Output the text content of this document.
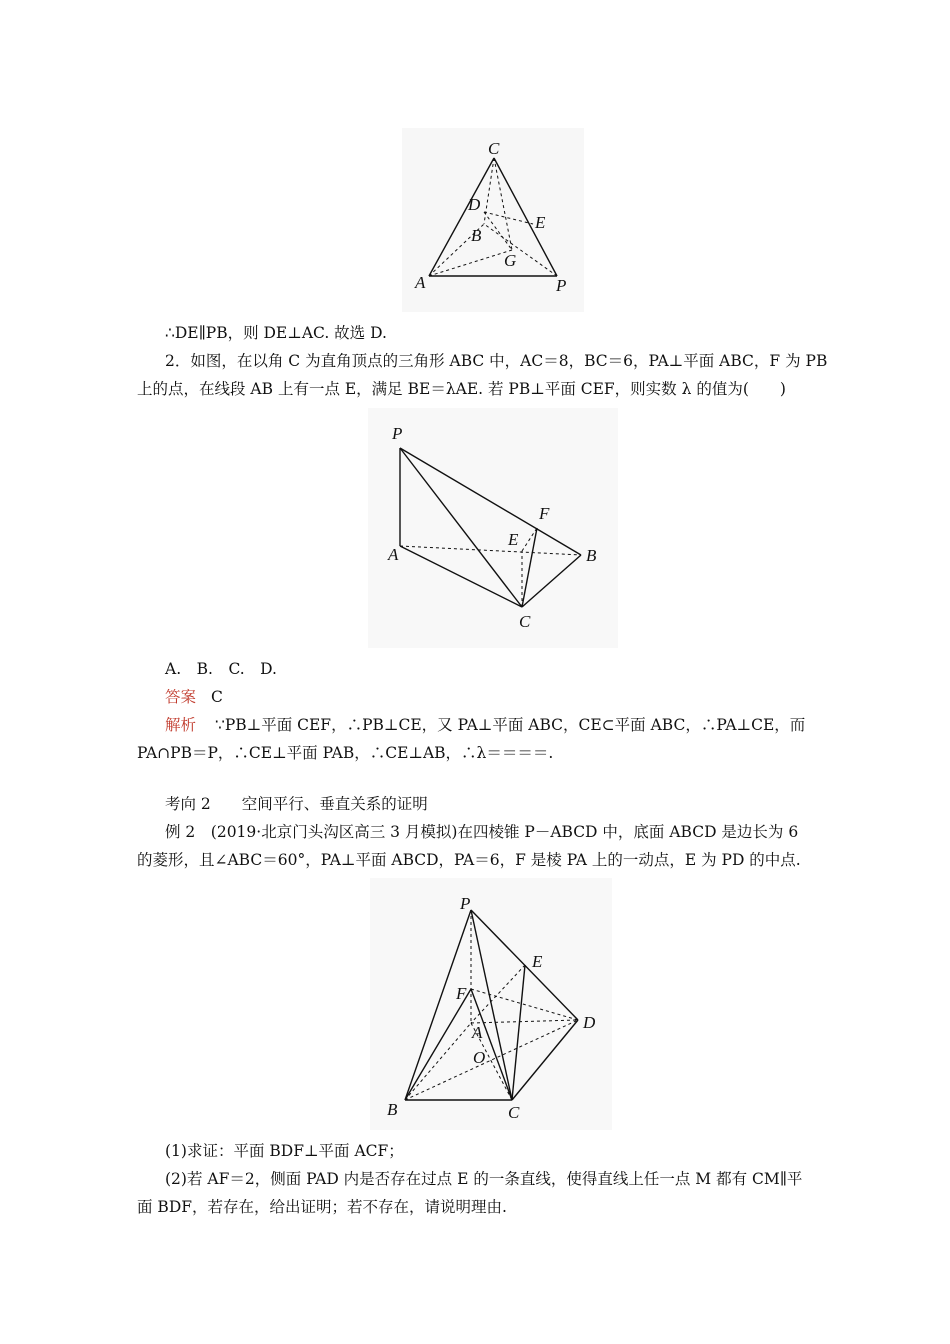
C
D
E
B
G
A	P
∴DE∥PB，则 DE⊥AC. 故选 D.
2．如图，在以角 C 为直角顶点的三角形 ABC 中，AC＝8，BC＝6，PA⊥平面 ABC，F 为 PB
上的点，在线段 AB 上有一点 E，满足 BE＝λAE. 若 PB⊥平面 CEF，则实数 λ 的值为(　　)
P
F
E
A	B
C
A.　B.　C.　D.
答案 C
解析 ∵PB⊥平面 CEF，∴PB⊥CE，又 PA⊥平面 ABC，CE⊂平面 ABC，∴PA⊥CE，而
PA∩PB＝P，∴CE⊥平面 PAB，∴CE⊥AB，∴λ＝＝＝＝.
考向 2　　空间平行、垂直关系的证明
例 2　(2019·北京门头沟区高三 3 月模拟)在四棱锥 P－ABCD 中，底面 ABCD 是边长为 6
的菱形，且∠ABC＝60°，PA⊥平面 ABCD，PA＝6，F 是棱 PA 上的一动点，E 为 PD 的中点.
P
E
F
A
D
O
B	C
(1)求证：平面 BDF⊥平面 ACF；
(2)若 AF＝2，侧面 PAD 内是否存在过点 E 的一条直线，使得直线上任一点 M 都有 CM∥平
面 BDF，若存在，给出证明；若不存在，请说明理由.
